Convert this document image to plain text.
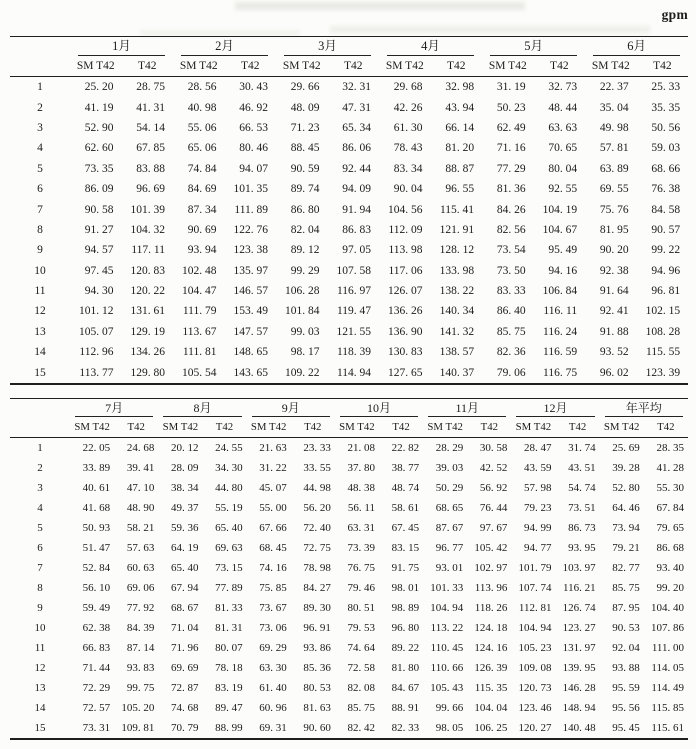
gpm

	1月		2月		3月		4月		5月		6月	

	SM T42	T42	SM T42	T42	SM T42	T42	SM T42	T42	SM T42	T42	SM T42	T42
1	25. 20	28. 75	28. 56	30. 43	29. 66	32. 31	29. 68	32. 98	31. 19	32. 73	22. 37	25. 33
2	41. 19	41. 31	40. 98	46. 92	48. 09	47. 31	42. 26	43. 94	50. 23	48. 44	35. 04	35. 35
3	52. 90	54. 14	55. 06	66. 53	71. 23	65. 34	61. 30	66. 14	62. 49	63. 63	49. 98	50. 56
4	62. 60	67. 85	65. 06	80. 46	88. 45	86. 06	78. 43	81. 20	71. 16	70. 65	57. 81	59. 03
5	73. 35	83. 88	74. 84	94. 07	90. 59	92. 44	83. 34	88. 87	77. 29	80. 04	63. 89	68. 66
6	86. 09	96. 69	84. 69	101. 35	89. 74	94. 09	90. 04	96. 55	81. 36	92. 55	69. 55	76. 38
7	90. 58	101. 39	87. 34	111. 89	86. 80	91. 94	104. 56	115. 41	84. 26	104. 19	75. 76	84. 58
8	91. 27	104. 32	90. 69	122. 76	82. 04	86. 83	112. 09	121. 91	82. 56	104. 67	81. 95	90. 57
9	94. 57	117. 11	93. 94	123. 38	89. 12	97. 05	113. 98	128. 12	73. 54	95. 49	90. 20	99. 22
10	97. 45	120. 83	102. 48	135. 97	99. 29	107. 58	117. 06	133. 98	73. 50	94. 16	92. 38	94. 96
11	94. 30	120. 22	104. 47	146. 57	106. 28	116. 97	126. 07	138. 22	83. 33	106. 84	91. 64	96. 81
12	101. 12	131. 61	111. 79	153. 49	101. 84	119. 47	136. 26	140. 34	86. 40	116. 11	92. 41	102. 15
13	105. 07	129. 19	113. 67	147. 57	99. 03	121. 55	136. 90	141. 32	85. 75	116. 24	91. 88	108. 28
14	112. 96	134. 26	111. 81	148. 65	98. 17	118. 39	130. 83	138. 57	82. 36	116. 59	93. 52	115. 55
15	113. 77	129. 80	105. 54	143. 65	109. 22	114. 94	127. 65	140. 37	79. 06	116. 75	96. 02	123. 39

	7月		8月		9月		10月		11月		12月		年平均	

	SM T42	T42	SM T42	T42	SM T42	T42	SM T42	T42	SM T42	T42	SM T42	T42	SM T42	T42
1	22. 05	24. 68	20. 12	24. 55	21. 63	23. 33	21. 08	22. 82	28. 29	30. 58	28. 47	31. 74	25. 69	28. 35
2	33. 89	39. 41	28. 09	34. 30	31. 22	33. 55	37. 80	38. 77	39. 03	42. 52	43. 59	43. 51	39. 28	41. 28
3	40. 61	47. 10	38. 34	44. 80	45. 07	44. 98	48. 38	48. 74	50. 29	56. 92	57. 98	54. 74	52. 80	55. 30
4	41. 68	48. 90	49. 37	55. 19	55. 00	56. 20	56. 11	58. 61	68. 65	76. 44	79. 23	73. 51	64. 46	67. 84
5	50. 93	58. 21	59. 36	65. 40	67. 66	72. 40	63. 31	67. 45	87. 67	97. 67	94. 99	86. 73	73. 94	79. 65
6	51. 47	57. 63	64. 19	69. 63	68. 45	72. 75	73. 39	83. 15	96. 77	105. 42	94. 77	93. 95	79. 21	86. 68
7	52. 84	60. 63	65. 40	73. 15	74. 16	78. 98	76. 75	91. 75	93. 01	102. 97	101. 79	103. 97	82. 77	93. 40
8	56. 10	69. 06	67. 94	77. 89	75. 85	84. 27	79. 46	98. 01	101. 33	113. 96	107. 74	116. 21	85. 75	99. 20
9	59. 49	77. 92	68. 67	81. 33	73. 67	89. 30	80. 51	98. 89	104. 94	118. 26	112. 81	126. 74	87. 95	104. 40
10	62. 38	84. 39	71. 04	81. 31	73. 06	96. 91	79. 53	96. 80	113. 22	124. 18	104. 94	123. 27	90. 53	107. 86
11	66. 83	87. 14	71. 96	80. 07	69. 29	93. 86	74. 64	89. 22	110. 45	124. 16	105. 23	131. 97	92. 04	111. 00
12	71. 44	93. 83	69. 69	78. 18	63. 30	85. 36	72. 58	81. 80	110. 66	126. 39	109. 08	139. 95	93. 88	114. 05
13	72. 29	99. 75	72. 87	83. 19	61. 40	80. 53	82. 08	84. 67	105. 43	115. 35	120. 73	146. 28	95. 59	114. 49
14	72. 57	105. 20	74. 68	89. 47	60. 96	81. 63	85. 75	88. 91	99. 66	104. 04	123. 46	148. 94	95. 56	115. 85
15	73. 31	109. 81	70. 79	88. 99	69. 31	90. 60	82. 42	82. 33	98. 05	106. 25	120. 27	140. 48	95. 45	115. 61
